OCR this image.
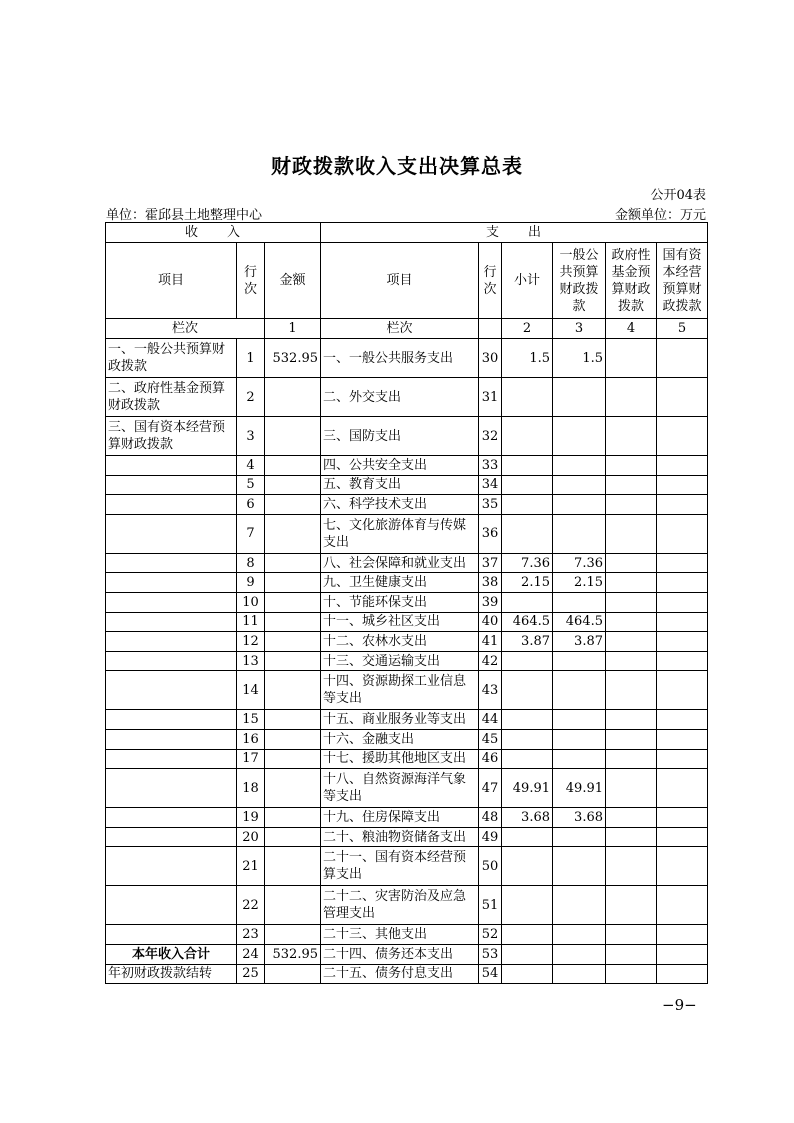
财政拨款收入支出决算总表
公开04表
单位：霍邱县土地整理中心	金额单位：万元
收　　入			支　　出					
项目	行次	金额	项目	行次	小计	一般公共预算财政拨款	政府性基金预算财政拨款	国有资本经营预算财政拨款
栏次		1	栏次		2	3	4	5
一、一般公共预算财政拨款	1	532.95	一、一般公共服务支出	30	1.5	1.5		
二、政府性基金预算财政拨款	2		二、外交支出	31				
三、国有资本经营预算财政拨款	3		三、国防支出	32				
	4		四、公共安全支出	33				
	5		五、教育支出	34				
	6		六、科学技术支出	35				
	7		七、文化旅游体育与传媒支出	36				
	8		八、社会保障和就业支出	37	7.36	7.36		
	9		九、卫生健康支出	38	2.15	2.15		
	10		十、节能环保支出	39				
	11		十一、城乡社区支出	40	464.5	464.5		
	12		十二、农林水支出	41	3.87	3.87		
	13		十三、交通运输支出	42				
	14		十四、资源勘探工业信息等支出	43				
	15		十五、商业服务业等支出	44				
	16		十六、金融支出	45				
	17		十七、援助其他地区支出	46				
	18		十八、自然资源海洋气象等支出	47	49.91	49.91		
	19		十九、住房保障支出	48	3.68	3.68		
	20		二十、粮油物资储备支出	49				
	21		二十一、国有资本经营预算支出	50				
	22		二十二、灾害防治及应急管理支出	51				
	23		二十三、其他支出	52				
本年收入合计	24	532.95	二十四、债务还本支出	53				
年初财政拨款结转	25		二十五、债务付息支出	54				
−9−
